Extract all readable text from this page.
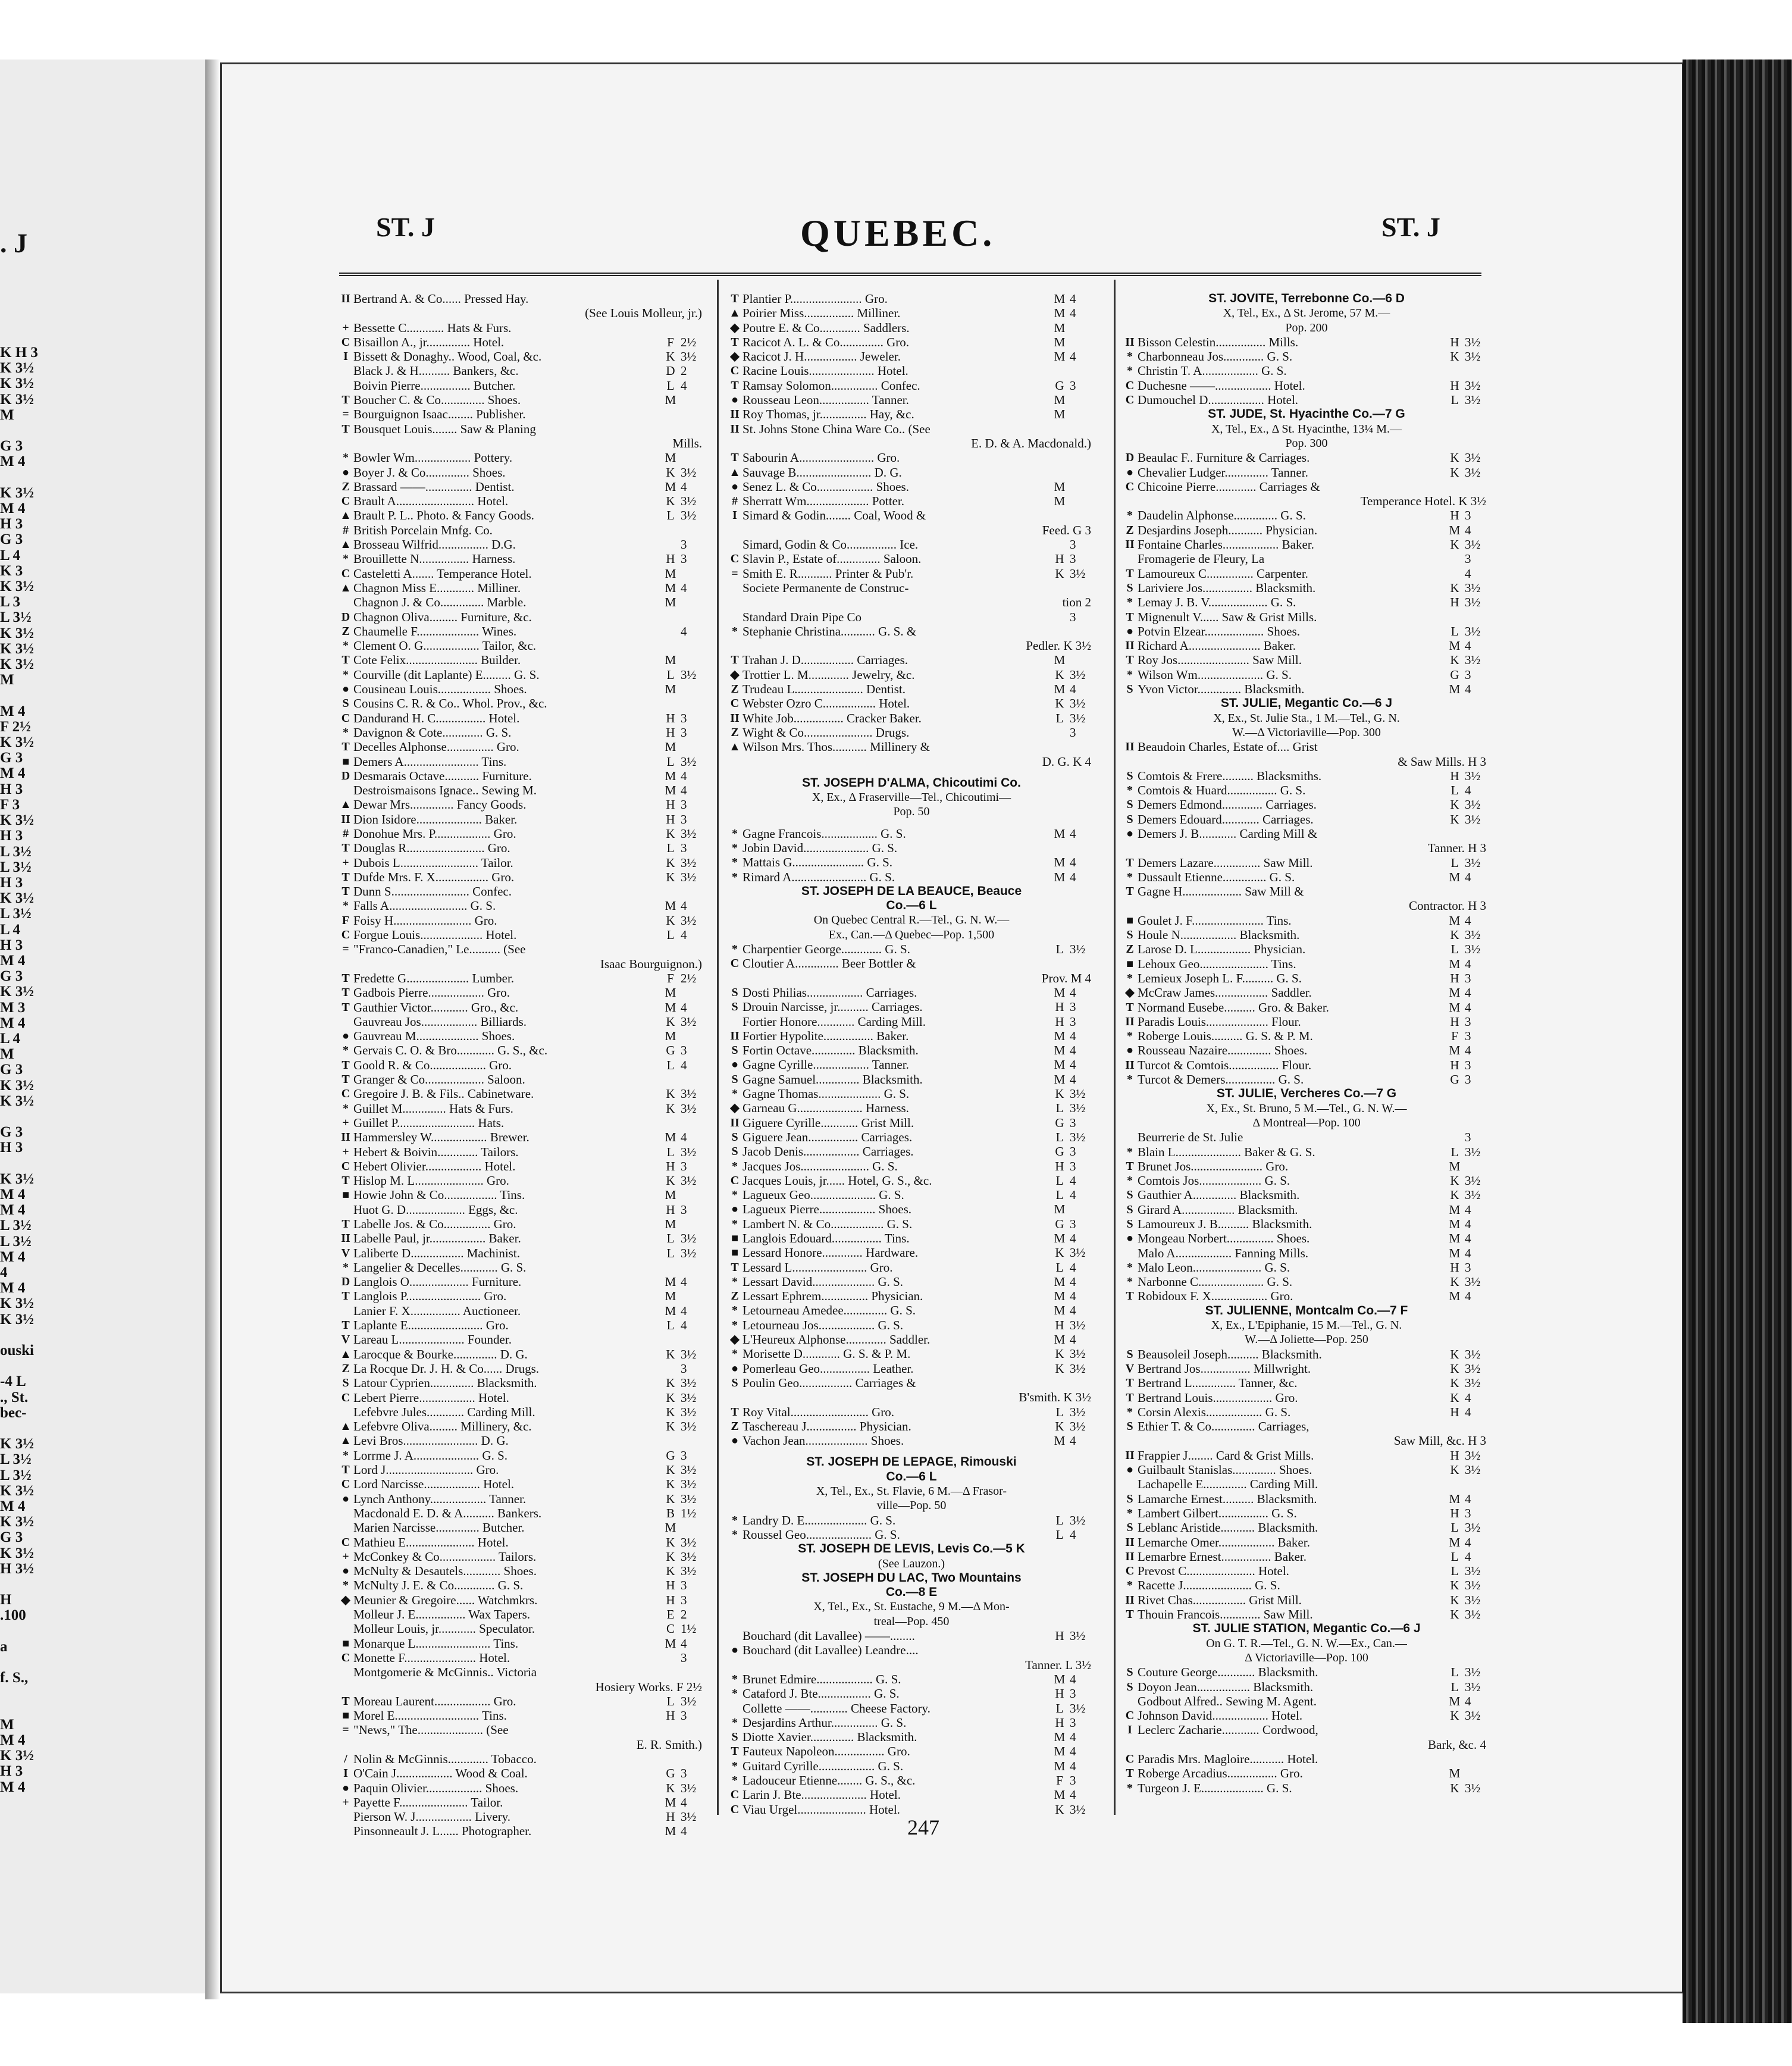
. J
K H 3
K 3½
K 3½
K 3½
M

G 3
M 4

K 3½
M 4
H 3
G 3
L 4
K 3
K 3½
L 3
L 3½
K 3½
K 3½
K 3½
M

M 4
F 2½
K 3½
G 3
M 4
H 3
F 3
K 3½
H 3
L 3½
L 3½
H 3
K 3½
L 3½
L 4
H 3
M 4
G 3
K 3½
M 3
M 4
L 4
M
G 3
K 3½
K 3½

G 3
H 3

K 3½
M 4
M 4
L 3½
L 3½
M 4
4
M 4
K 3½
K 3½

ouski

-4 L
., St.
bec-

K 3½
L 3½
L 3½
K 3½
M 4
K 3½
G 3
K 3½
H 3½

H
.100

a

f. S.,

M
M 4
K 3½
H 3
M 4
ST. J	QUEBEC.	ST. J
II Bertrand A. & Co...... Pressed Hay.
(See Louis Molleur, jr.)
+ Bessette C............ Hats & Furs.
C Bisaillon A., jr.............. Hotel.	F 2½
I Bissett & Donaghy.. Wood, Coal, &c.	K 3½
Black J. & H.......... Bankers, &c.	D 2
Boivin Pierre................ Butcher.	L 4
T Boucher C. & Co.............. Shoes.	M
= Bourguignon Isaac........ Publisher.
T Bousquet Louis........ Saw & Planing
Mills.
* Bowler Wm.................. Pottery.	M
● Boyer J. & Co.............. Shoes.	K 3½
Z Brassard ——............... Dentist.	M 4
C Brault A......................... Hotel.	K 3½
▲ Brault P. L.. Photo. & Fancy Goods.	L 3½
# British Porcelain Mnfg. Co.
▲ Brosseau Wilfrid................ D.G.	3
* Brouillette N................ Harness.	H 3
C Casteletti A....... Temperance Hotel.	M
▲ Chagnon Miss E............ Milliner.	M 4
Chagnon J. & Co.............. Marble.	M
D Chagnon Oliva......... Furniture, &c.
Z Chaumelle F.................... Wines.	4
* Clement O. G.................. Tailor, &c.
T Cote Felix....................... Builder.	M
* Courville (dit Laplante) E......... G. S.	L 3½
● Cousineau Louis................. Shoes.	M
S Cousins C. R. & Co.. Whol. Prov., &c.
C Dandurand H. C................ Hotel.	H 3
* Davignon & Cote............. G. S.	H 3
T Decelles Alphonse............... Gro.	M
■ Demers A........................ Tins.	L 3½
D Desmarais Octave........... Furniture.	M 4
Destroismaisons Ignace.. Sewing M.	M 4
▲ Dewar Mrs.............. Fancy Goods.	H 3
II Dion Isidore..................... Baker.	H 3
# Donohue Mrs. P.................. Gro.	K 3½
T Douglas R......................... Gro.	L 3
+ Dubois L......................... Tailor.	K 3½
T Dufde Mrs. F. X................. Gro.	K 3½
T Dunn S......................... Confec.
* Falls A......................... G. S.	M 4
F Foisy H......................... Gro.	K 3½
C Forgue Louis.................... Hotel.	L 4
= "Franco-Canadien," Le.......... (See
Isaac Bourguignon.)
T Fredette G.................... Lumber.	F 2½
T Gadbois Pierre.................. Gro.	M
T Gauthier Victor............ Gro., &c.	M 4
Gauvreau Jos.................. Billiards.	K 3½
● Gauvreau M.................... Shoes.	M
* Gervais C. O. & Bro............ G. S., &c.	G 3
T Goold R. & Co.................. Gro.	L 4
T Granger & Co................... Saloon.
C Gregoire J. B. & Fils.. Cabinetware.	K 3½
* Guillet M.............. Hats & Furs.	K 3½
+ Guillet P......................... Hats.
II Hammersley W.................. Brewer.	M 4
+ Hebert & Boivin............. Tailors.	L 3½
C Hebert Olivier.................. Hotel.	H 3
T Hislop M. L...................... Gro.	K 3½
■ Howie John & Co................. Tins.	M
Huot G. D................... Eggs, &c.	H 3
T Labelle Jos. & Co............... Gro.	M
II Labelle Paul, jr.................. Baker.	L 3½
V Laliberte D................. Machinist.	L 3½
* Langelier & Decelles............ G. S.
D Langlois O................... Furniture.	M 4
T Langlois P........................ Gro.	M
Lanier F. X................ Auctioneer.	M 4
T Laplante E........................ Gro.	L 4
V Lareau L..................... Founder.
▲ Larocque & Bourke.............. D. G.	K 3½
Z La Rocque Dr. J. H. & Co...... Drugs.	3
S Latour Cyprien.............. Blacksmith.	K 3½
C Lebert Pierre.................. Hotel.	K 3½
Lefebvre Jules............ Carding Mill.	K 3½
▲ Lefebvre Oliva......... Millinery, &c.	K 3½
▲ Levi Bros........................ D. G.
* Lorrme J. A..................... G. S.	G 3
T Lord J............................ Gro.	K 3½
C Lord Narcisse.................. Hotel.	K 3½
● Lynch Anthony.................. Tanner.	K 3½
Macdonald E. D. & A.......... Bankers.	B 1½
Marien Narcisse.............. Butcher.	M
C Mathieu E...................... Hotel.	K 3½
+ McConkey & Co.................. Tailors.	K 3½
● McNulty & Desautels............ Shoes.	K 3½
* McNulty J. E. & Co............. G. S.	H 3
◆ Meunier & Gregoire...... Watchmkrs.	H 3
Molleur J. E................ Wax Tapers.	E 2
Molleur Louis, jr............ Speculator.	C 1½
■ Monarque L........................ Tins.	M 4
C Monette F....................... Hotel.	3
Montgomerie & McGinnis.. Victoria
Hosiery Works. F 2½
T Moreau Laurent.................. Gro.	L 3½
■ Morel E........................... Tins.	H 3
= "News," The..................... (See
E. R. Smith.)
/ Nolin & McGinnis............. Tobacco.
I O'Cain J.................. Wood & Coal.	G 3
● Paquin Olivier.................. Shoes.	K 3½
+ Payette F...................... Tailor.	M 4
Pierson W. J.................. Livery.	H 3½
Pinsonneault J. L...... Photographer.	M 4
T Plantier P....................... Gro.	M 4
▲ Poirier Miss................ Milliner.	M 4
◆ Poutre E. & Co............. Saddlers.	M
T Racicot A. L. & Co.............. Gro.	M
◆ Racicot J. H................. Jeweler.	M 4
C Racine Louis..................... Hotel.
T Ramsay Solomon............... Confec.	G 3
● Rousseau Leon................ Tanner.	M
II Roy Thomas, jr............... Hay, &c.	M
II St. Johns Stone China Ware Co.. (See
E. D. & A. Macdonald.)
T Sabourin A........................ Gro.
▲ Sauvage B........................ D. G.
● Senez L. & Co.................. Shoes.	M
# Sherratt Wm.................... Potter.	M
I Simard & Godin........ Coal, Wood &
Feed. G 3
Simard, Godin & Co................ Ice.	3
C Slavin P., Estate of.............. Saloon.	H 3
= Smith E. R........... Printer & Pub'r.	K 3½
Societe Permanente de Construc-
tion 2
Standard Drain Pipe Co	3
* Stephanie Christina........... G. S. &
Pedler. K 3½
T Trahan J. D................. Carriages.	M
◆ Trottier L. M............. Jewelry, &c.	K 3½
Z Trudeau L...................... Dentist.	M 4
C Webster Ozro C................. Hotel.	K 3½
II White Job................ Cracker Baker.	L 3½
Z Wight & Co...................... Drugs.	3
▲ Wilson Mrs. Thos........... Millinery &
D. G. K 4
ST. JOSEPH D'ALMA, Chicoutimi Co.
X, Ex., Δ Fraserville—Tel., Chicoutimi—
Pop. 50
* Gagne Francois.................. G. S.	M 4
* Jobin David..................... G. S.
* Mattais G....................... G. S.	M 4
* Rimard A........................ G. S.	M 4
ST. JOSEPH DE LA BEAUCE, Beauce
Co.—6 L
On Quebec Central R.—Tel., G. N. W.—
Ex., Can.—Δ Quebec—Pop. 1,500
* Charpentier George............. G. S.	L 3½
C Cloutier A.............. Beer Bottler &
Prov. M 4
S Dosti Philias.................. Carriages.	M 4
S Drouin Narcisse, jr.......... Carriages.	H 3
Fortier Honore............ Carding Mill.	H 3
II Fortier Hypolite................ Baker.	M 4
S Fortin Octave.............. Blacksmith.	M 4
● Gagne Cyrille.................. Tanner.	M 4
S Gagne Samuel.............. Blacksmith.	M 4
* Gagne Thomas.................... G. S.	K 3½
◆ Garneau G..................... Harness.	L 3½
II Giguere Cyrille............ Grist Mill.	G 3
S Giguere Jean................ Carriages.	L 3½
S Jacob Denis.................. Carriages.	G 3
* Jacques Jos...................... G. S.	H 3
C Jacques Louis, jr...... Hotel, G. S., &c.	L 4
* Lagueux Geo..................... G. S.	L 4
● Lagueux Pierre.................. Shoes.	M
* Lambert N. & Co................. G. S.	G 3
■ Langlois Edouard................ Tins.	M 4
■ Lessard Honore............. Hardware.	K 3½
T Lessard L........................ Gro.	L 4
* Lessart David.................... G. S.	M 4
Z Lessart Ephrem............... Physician.	M 4
* Letourneau Amedee.............. G. S.	M 4
* Letourneau Jos.................. G. S.	H 3½
◆ L'Heureux Alphonse............. Saddler.	M 4
* Morisette D............ G. S. & P. M.	K 3½
● Pomerleau Geo................ Leather.	K 3½
S Poulin Geo................. Carriages &
B'smith. K 3½
T Roy Vital......................... Gro.	L 3½
Z Taschereau J................ Physician.	K 3½
● Vachon Jean.................... Shoes.	M 4
ST. JOSEPH DE LEPAGE, Rimouski
Co.—6 L
X, Tel., Ex., St. Flavie, 6 M.—Δ Frasor-
ville—Pop. 50
* Landry D. E.................... G. S.	L 3½
* Roussel Geo..................... G. S.	L 4
ST. JOSEPH DE LEVIS, Levis Co.—5 K
(See Lauzon.)
ST. JOSEPH DU LAC, Two Mountains
Co.—8 E
X, Tel., Ex., St. Eustache, 9 M.—Δ Mon-
treal—Pop. 450
Bouchard (dit Lavallee) ——........	H 3½
● Bouchard (dit Lavallee) Leandre....
Tanner. L 3½
* Brunet Edmire.................. G. S.	M 4
* Cataford J. Bte................. G. S.	H 3
Collette ——............ Cheese Factory.	L 3½
* Desjardins Arthur............... G. S.	H 3
S Diotte Xavier.............. Blacksmith.	M 4
T Fauteux Napoleon................ Gro.	M 4
* Guitard Cyrille.................. G. S.	M 4
* Ladouceur Etienne........ G. S., &c.	F 3
C Larin J. Bte..................... Hotel.	M 4
C Viau Urgel...................... Hotel.	K 3½
ST. JOVITE, Terrebonne Co.—6 D
X, Tel., Ex., Δ St. Jerome, 57 M.—
Pop. 200
II Bisson Celestin................ Mills.	H 3½
* Charbonneau Jos............. G. S.	K 3½
* Christin T. A.................. G. S.
C Duchesne ——.................. Hotel.	H 3½
C Dumouchel D.................. Hotel.	L 3½
ST. JUDE, St. Hyacinthe Co.—7 G
X, Tel., Ex., Δ St. Hyacinthe, 13¼ M.—
Pop. 300
D Beaulac F.. Furniture & Carriages.	K 3½
● Chevalier Ludger.............. Tanner.	K 3½
C Chicoine Pierre............. Carriages &
Temperance Hotel. K 3½
* Daudelin Alphonse.............. G. S.	H 3
Z Desjardins Joseph........... Physician.	M 4
II Fontaine Charles.................. Baker.	K 3½
Fromagerie de Fleury, La	3
T Lamoureux C............... Carpenter.	4
S Lariviere Jos................ Blacksmith.	K 3½
* Lemay J. B. V................... G. S.	H 3½
T Mignenult V...... Saw & Grist Mills.
● Potvin Elzear................... Shoes.	L 3½
II Richard A....................... Baker.	M 4
T Roy Jos....................... Saw Mill.	K 3½
* Wilson Wm..................... G. S.	G 3
S Yvon Victor.............. Blacksmith.	M 4
ST. JULIE, Megantic Co.—6 J
X, Ex., St. Julie Sta., 1 M.—Tel., G. N.
W.—Δ Victoriaville—Pop. 300
II Beaudoin Charles, Estate of.... Grist
& Saw Mills. H 3
S Comtois & Frere.......... Blacksmiths.	H 3½
* Comtois & Huard................ G. S.	L 4
S Demers Edmond............. Carriages.	K 3½
S Demers Edouard............ Carriages.	K 3½
● Demers J. B............ Carding Mill &
Tanner. H 3
T Demers Lazare............... Saw Mill.	L 3½
* Dussault Etienne.............. G. S.	M 4
T Gagne H................... Saw Mill &
Contractor. H 3
■ Goulet J. F....................... Tins.	M 4
S Houle N.................. Blacksmith.	K 3½
Z Larose D. L................. Physician.	L 3½
■ Lehoux Geo...................... Tins.	M 4
* Lemieux Joseph L. F.......... G. S.	H 3
◆ McCraw James................. Saddler.	M 4
T Normand Eusebe.......... Gro. & Baker.	M 4
II Paradis Louis.................... Flour.	H 3
* Roberge Louis.......... G. S. & P. M.	F 3
● Rousseau Nazaire.............. Shoes.	M 4
II Turcot & Comtois................ Flour.	H 3
* Turcot & Demers................ G. S.	G 3
ST. JULIE, Vercheres Co.—7 G
X, Ex., St. Bruno, 5 M.—Tel., G. N. W.—
Δ Montreal—Pop. 100
Beurrerie de St. Julie	3
* Blain L..................... Baker & G. S.	L 3½
T Brunet Jos....................... Gro.	M
* Comtois Jos.................... G. S.	K 3½
S Gauthier A.............. Blacksmith.	K 3½
S Girard A................. Blacksmith.	M 4
S Lamoureux J. B.......... Blacksmith.	M 4
● Mongeau Norbert............... Shoes.	M 4
Malo A.................. Fanning Mills.	M 4
* Malo Leon...................... G. S.	H 3
* Narbonne C..................... G. S.	K 3½
T Robidoux F. X.................. Gro.	M 4
ST. JULIENNE, Montcalm Co.—7 F
X, Ex., L'Epiphanie, 15 M.—Tel., G. N.
W.—Δ Joliette—Pop. 250
S Beausoleil Joseph.......... Blacksmith.	K 3½
V Bertrand Jos................ Millwright.	K 3½
T Bertrand L.............. Tanner, &c.	K 3½
T Bertrand Louis................... Gro.	K 4
* Corsin Alexis.................. G. S.	H 4
S Ethier T. & Co.............. Carriages,
Saw Mill, &c. H 3
II Frappier J........ Card & Grist Mills.	H 3½
● Guilbault Stanislas.............. Shoes.	K 3½
Lachapelle E.............. Carding Mill.
S Lamarche Ernest.......... Blacksmith.	M 4
* Lambert Gilbert................ G. S.	H 3
S Leblanc Aristide........... Blacksmith.	L 3½
II Lemarche Omer.................. Baker.	M 4
II Lemarbre Ernest................ Baker.	L 4
C Prevost C...................... Hotel.	L 3½
* Racette J...................... G. S.	K 3½
II Rivet Chas................. Grist Mill.	K 3½
T Thouin Francois............. Saw Mill.	K 3½
ST. JULIE STATION, Megantic Co.—6 J
On G. T. R.—Tel., G. N. W.—Ex., Can.—
Δ Victoriaville—Pop. 100
S Couture George............ Blacksmith.	L 3½
S Doyon Jean................. Blacksmith.	L 3½
Godbout Alfred.. Sewing M. Agent.	M 4
C Johnson David.................. Hotel.	K 3½
I Leclerc Zacharie............ Cordwood,
Bark, &c. 4
C Paradis Mrs. Magloire........... Hotel.
T Roberge Arcadius................ Gro.	M
* Turgeon J. E.................... G. S.	K 3½
247
